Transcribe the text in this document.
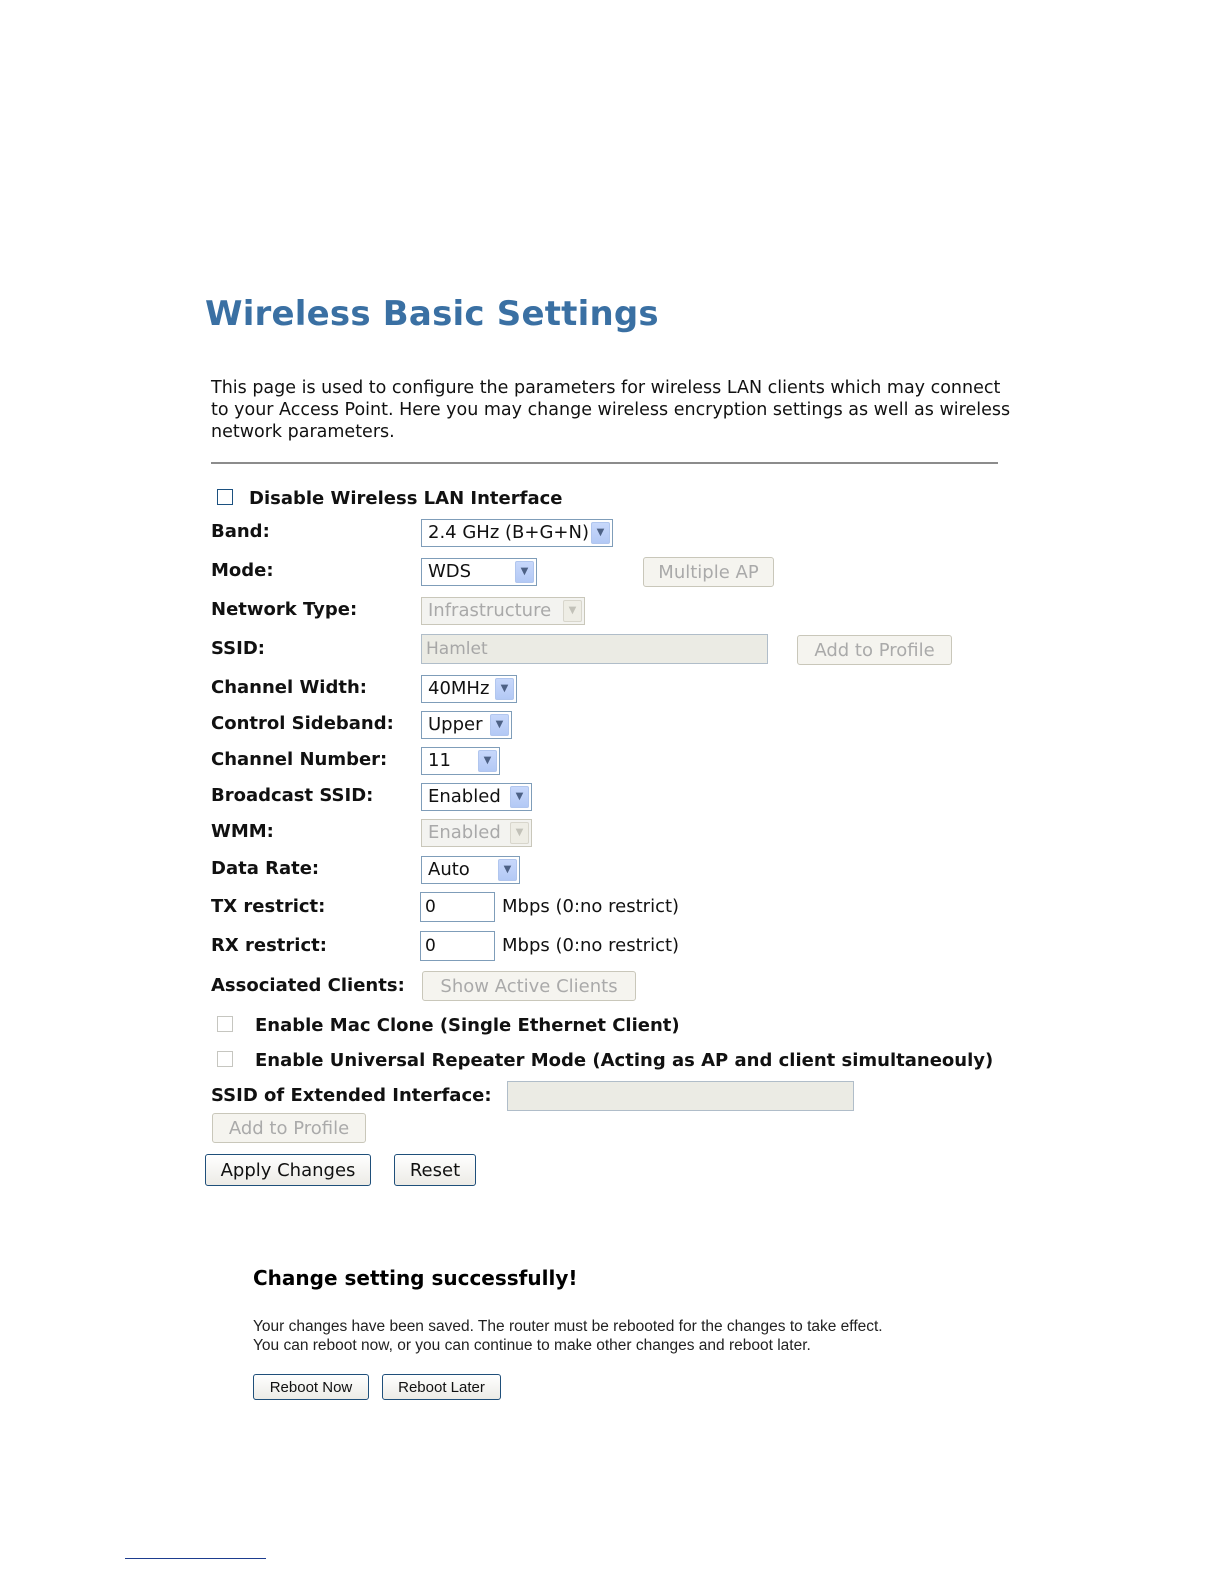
Wireless Basic Settings
This page is used to configure the parameters for wireless LAN clients which may connect to your Access Point. Here you may change wireless encryption settings as well as wireless network parameters.
Disable Wireless LAN Interface
Band:	2.4 GHz (B+G+N) ▼
Mode:	WDS	▼	Multiple AP
Network Type:	Infrastructure	▼
SSID:	Hamlet	Add to Profile
Channel Width:	40MHz	▼
Control Sideband:	Upper	▼
Channel Number:	11	▼
Broadcast SSID:	Enabled	▼
WMM:	Enabled	▼
Data Rate:	Auto	▼
TX restrict:	0	Mbps (0:no restrict)
RX restrict:	0	Mbps (0:no restrict)
Associated Clients:	Show Active Clients
Enable Mac Clone (Single Ethernet Client)
Enable Universal Repeater Mode (Acting as AP and client simultaneouly)
SSID of Extended Interface:
Add to Profile
Apply Changes	Reset
Change setting successfully!
Your changes have been saved. The router must be rebooted for the changes to take effect.
You can reboot now, or you can continue to make other changes and reboot later.
Reboot Now	Reboot Later
